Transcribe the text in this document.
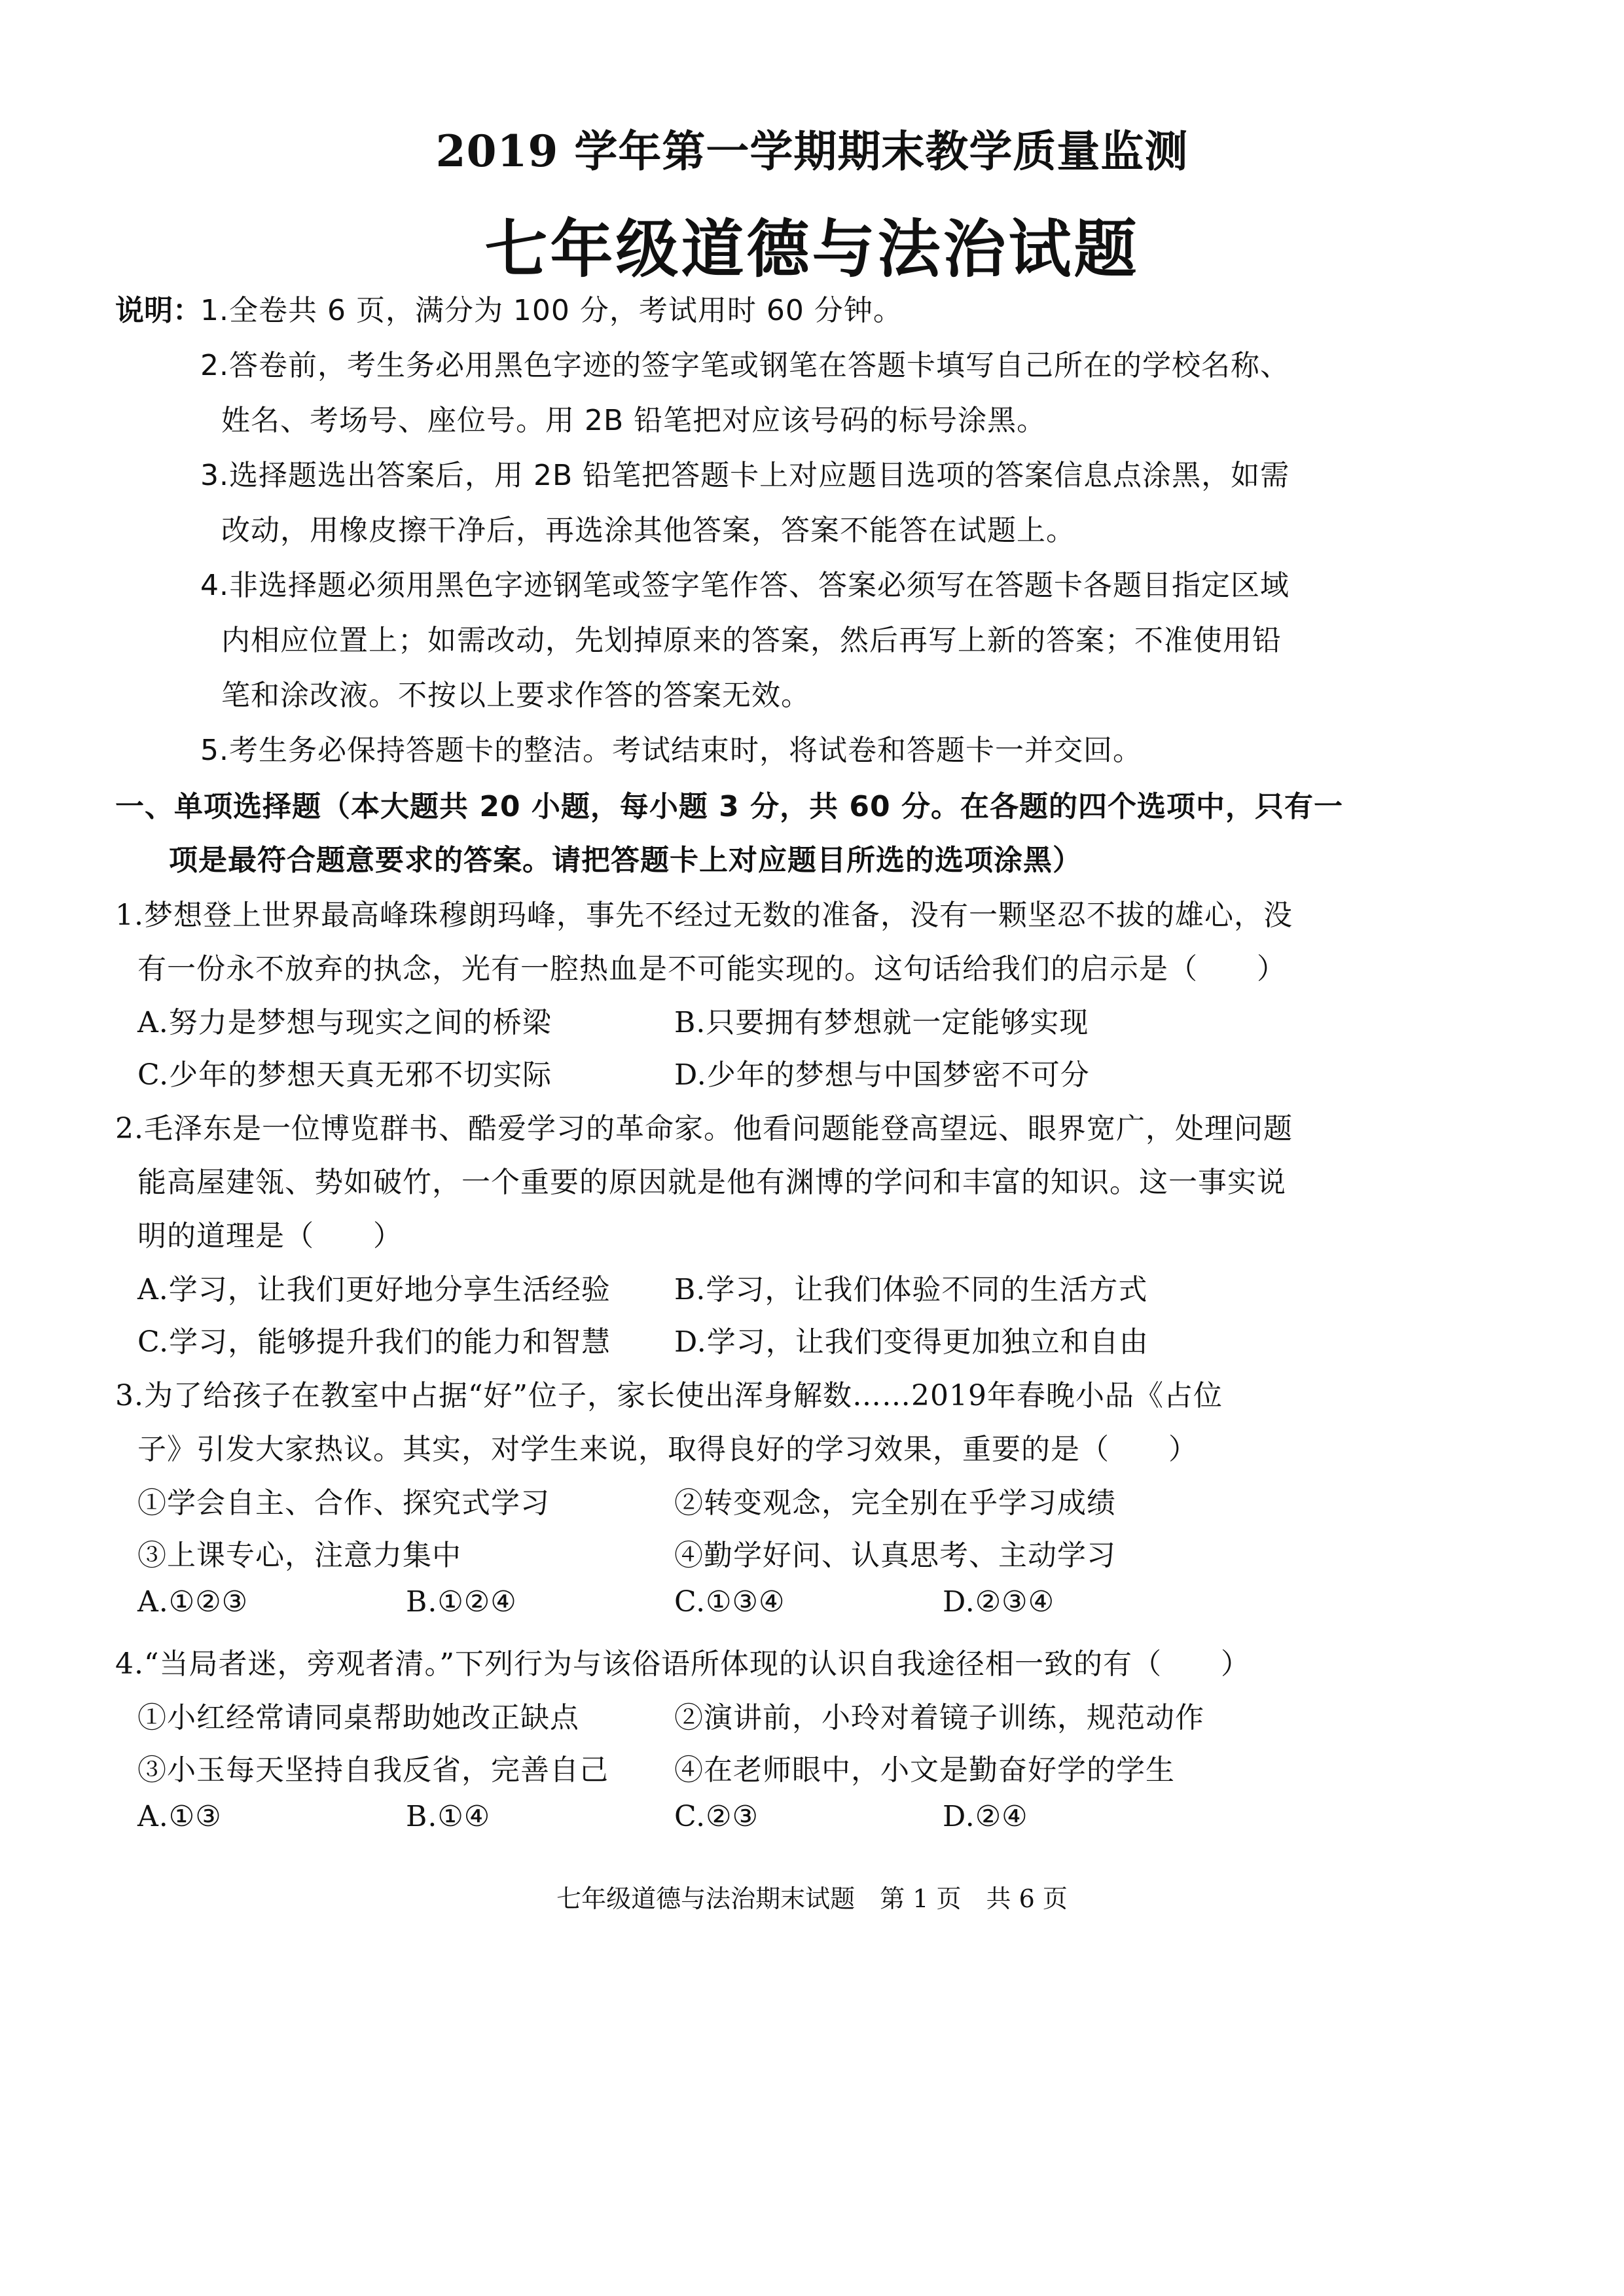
2019 学年第一学期期末教学质量监测
七年级道德与法治试题
说明：
1.全卷共 6 页，满分为 100 分，考试用时 60 分钟。
2.答卷前，考生务必用黑色字迹的签字笔或钢笔在答题卡填写自己所在的学校名称、
姓名、考场号、座位号。用 2B 铅笔把对应该号码的标号涂黑。
3.选择题选出答案后，用 2B 铅笔把答题卡上对应题目选项的答案信息点涂黑，如需
改动，用橡皮擦干净后，再选涂其他答案，答案不能答在试题上。
4.非选择题必须用黑色字迹钢笔或签字笔作答、答案必须写在答题卡各题目指定区域
内相应位置上；如需改动，先划掉原来的答案，然后再写上新的答案；不准使用铅
笔和涂改液。不按以上要求作答的答案无效。
5.考生务必保持答题卡的整洁。考试结束时，将试卷和答题卡一并交回。
一、单项选择题（本大题共 20 小题，每小题 3 分，共 60 分。在各题的四个选项中，只有一
项是最符合题意要求的答案。请把答题卡上对应题目所选的选项涂黑）
1.梦想登上世界最高峰珠穆朗玛峰，事先不经过无数的准备，没有一颗坚忍不拔的雄心，没
有一份永不放弃的执念，光有一腔热血是不可能实现的。这句话给我们的启示是（　　）
A.努力是梦想与现实之间的桥梁	B.只要拥有梦想就一定能够实现
C.少年的梦想天真无邪不切实际	D.少年的梦想与中国梦密不可分
2.毛泽东是一位博览群书、酷爱学习的革命家。他看问题能登高望远、眼界宽广，处理问题
能高屋建瓴、势如破竹，一个重要的原因就是他有渊博的学问和丰富的知识。这一事实说
明的道理是（　　）
A.学习，让我们更好地分享生活经验 B.学习，让我们体验不同的生活方式
C.学习，能够提升我们的能力和智慧 D.学习，让我们变得更加独立和自由
3.为了给孩子在教室中占据“好”位子，家长使出浑身解数……2019年春晚小品《占位
子》引发大家热议。其实，对学生来说，取得良好的学习效果，重要的是（　　）
①学会自主、合作、探究式学习	②转变观念，完全别在乎学习成绩
③上课专心，注意力集中	④勤学好问、认真思考、主动学习
A.①②③	B.①②④	C.①③④	D.②③④
4.“当局者迷，旁观者清。”下列行为与该俗语所体现的认识自我途径相一致的有（　　）
①小红经常请同桌帮助她改正缺点	②演讲前，小玲对着镜子训练，规范动作
③小玉每天坚持自我反省，完善自己 ④在老师眼中，小文是勤奋好学的学生
A.①③	B.①④	C.②③	D.②④
七年级道德与法治期末试题　第 1 页　共 6 页
